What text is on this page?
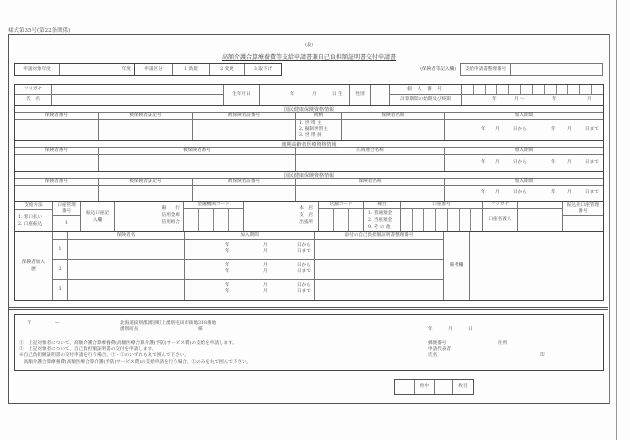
様式第35号(第22条関係)
(表)
高額介護合算療養費等支給申請書兼自己負担額証明書交付申請書
申請対象年度	年度	申請区分	1 新規	2 変更	3 取下げ	(保険者等記入欄)	支給申請書整理番号
フリガナ
氏　名
生年月日	年	月	日 生	性別
個 人 番 号
計算期間の始期及び終期	年	月 〜	年	月
国民健康保険資格情報
保険者番号	被保険者証記号	被保険者証番号	続柄	保険者名称	加入期間
1. 世 帯 主
2. 擬制世帯主
3. 世 帯 員
年 月	日から	年 月	日まで
後期高齢者医療資格情報
保険者番号	被保険者番号	広域連合名称	加入期間
年 月	日から	年 月	日まで
国民健康保険資格情報
保険者番号	被保険者証記号	被保険者証番号	保険者名称	加入期間
年 月	日から	年 月	日まで
支給方法
1. 窓口払い
2. 口座振込
口座管理番号
1
振込口座記入欄
銀　　行
信用金庫
信用組合
金融機関コード
本　店
支　店
出張所
店舗コード	種目
1. 普通預金
2. 当座預金
9. そ の 他
口座番号	フリガナ
口座名義人
振込先口座管理番号
保険者加入歴
保険者名	加入期間	添付の自己負担額証明書整理番号
備考欄
1
年	月	日から
年	月	日まで
2
年	月	日から
年	月	日まで
3
年	月	日から
年	月	日まで
〒	—	北海道紋別郡湧別町上湧別屯田市街地318番地
湧別町長	様	年	月	日
①　上記対象者について、高額介護合算療養費(高額医療合算介護(予防)サービス費)の支給を申請します。
②　上記対象者について、自己負担額証明書の交付を申請します。
※自己負担額証明書の交付申請を行う場合、①・②のいずれも丸で囲んで下さい。
　高額介護合算療養費(高額医療合算介護(予防)サービス費)の支給申請を行う場合、①のみを丸で囲んで下さい。
郵便番号	住所
申請代表者
氏名	印
枚中	枚目
